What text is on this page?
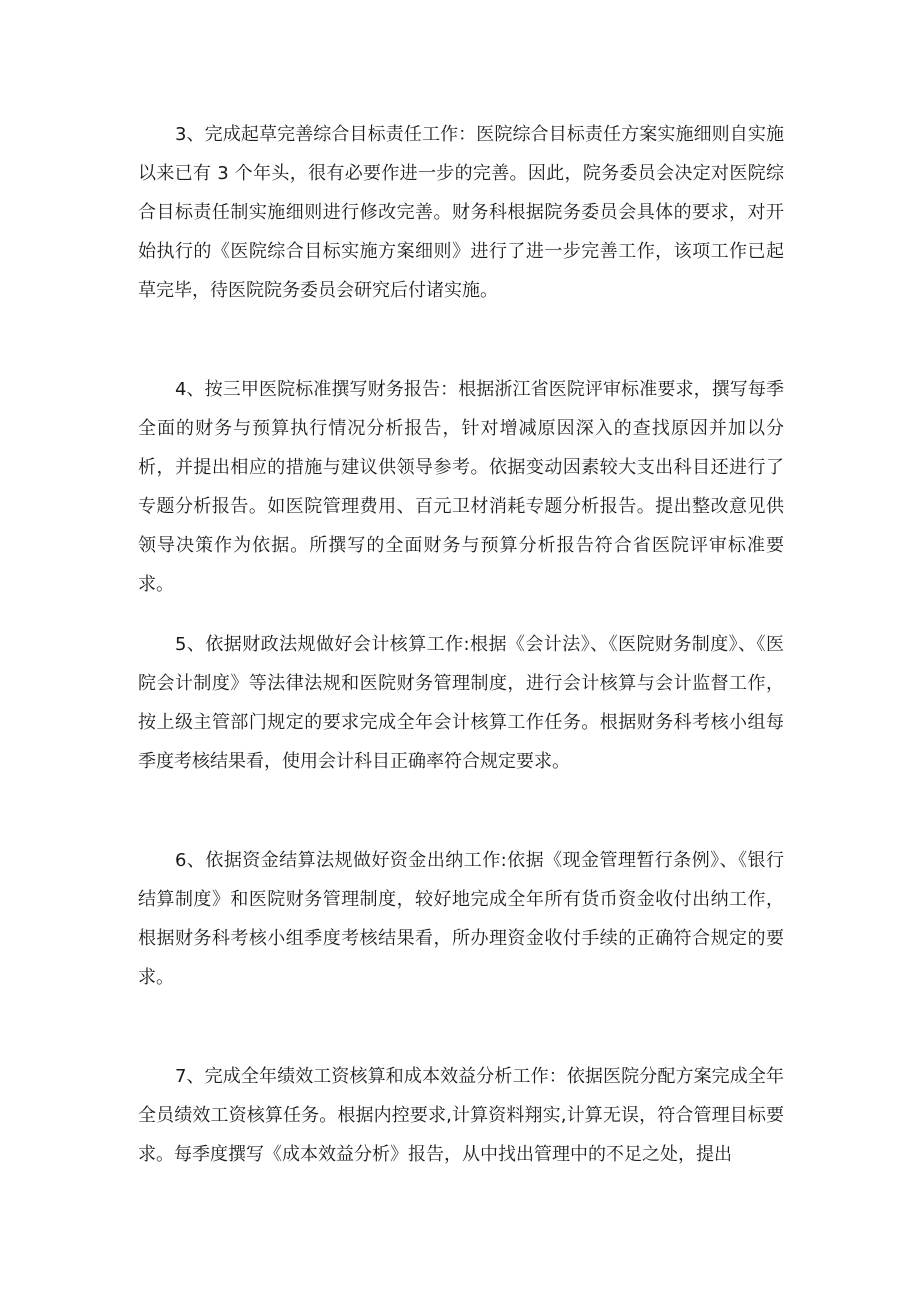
3、完成起草完善综合目标责任工作：医院综合目标责任方案实施细则自实施以来已有 3 个年头，很有必要作进一步的完善。因此，院务委员会决定对医院综合目标责任制实施细则进行修改完善。财务科根据院务委员会具体的要求，对开始执行的《医院综合目标实施方案细则》进行了进一步完善工作，该项工作已起草完毕，待医院院务委员会研究后付诸实施。

4、按三甲医院标准撰写财务报告：根据浙江省医院评审标准要求，撰写每季全面的财务与预算执行情况分析报告，针对增减原因深入的查找原因并加以分析，并提出相应的措施与建议供领导参考。依据变动因素较大支出科目还进行了专题分析报告。如医院管理费用、百元卫材消耗专题分析报告。提出整改意见供领导决策作为依据。所撰写的全面财务与预算分析报告符合省医院评审标准要求。

5、依据财政法规做好会计核算工作:根据《会计法》、《医院财务制度》、《医院会计制度》等法律法规和医院财务管理制度，进行会计核算与会计监督工作，按上级主管部门规定的要求完成全年会计核算工作任务。根据财务科考核小组每季度考核结果看，使用会计科目正确率符合规定要求。

6、依据资金结算法规做好资金出纳工作:依据《现金管理暂行条例》、《银行结算制度》和医院财务管理制度，较好地完成全年所有货币资金收付出纳工作，根据财务科考核小组季度考核结果看，所办理资金收付手续的正确符合规定的要求。

7、完成全年绩效工资核算和成本效益分析工作：依据医院分配方案完成全年全员绩效工资核算任务。根据内控要求,计算资料翔实,计算无误，符合管理目标要求。每季度撰写《成本效益分析》报告，从中找出管理中的不足之处，提出
